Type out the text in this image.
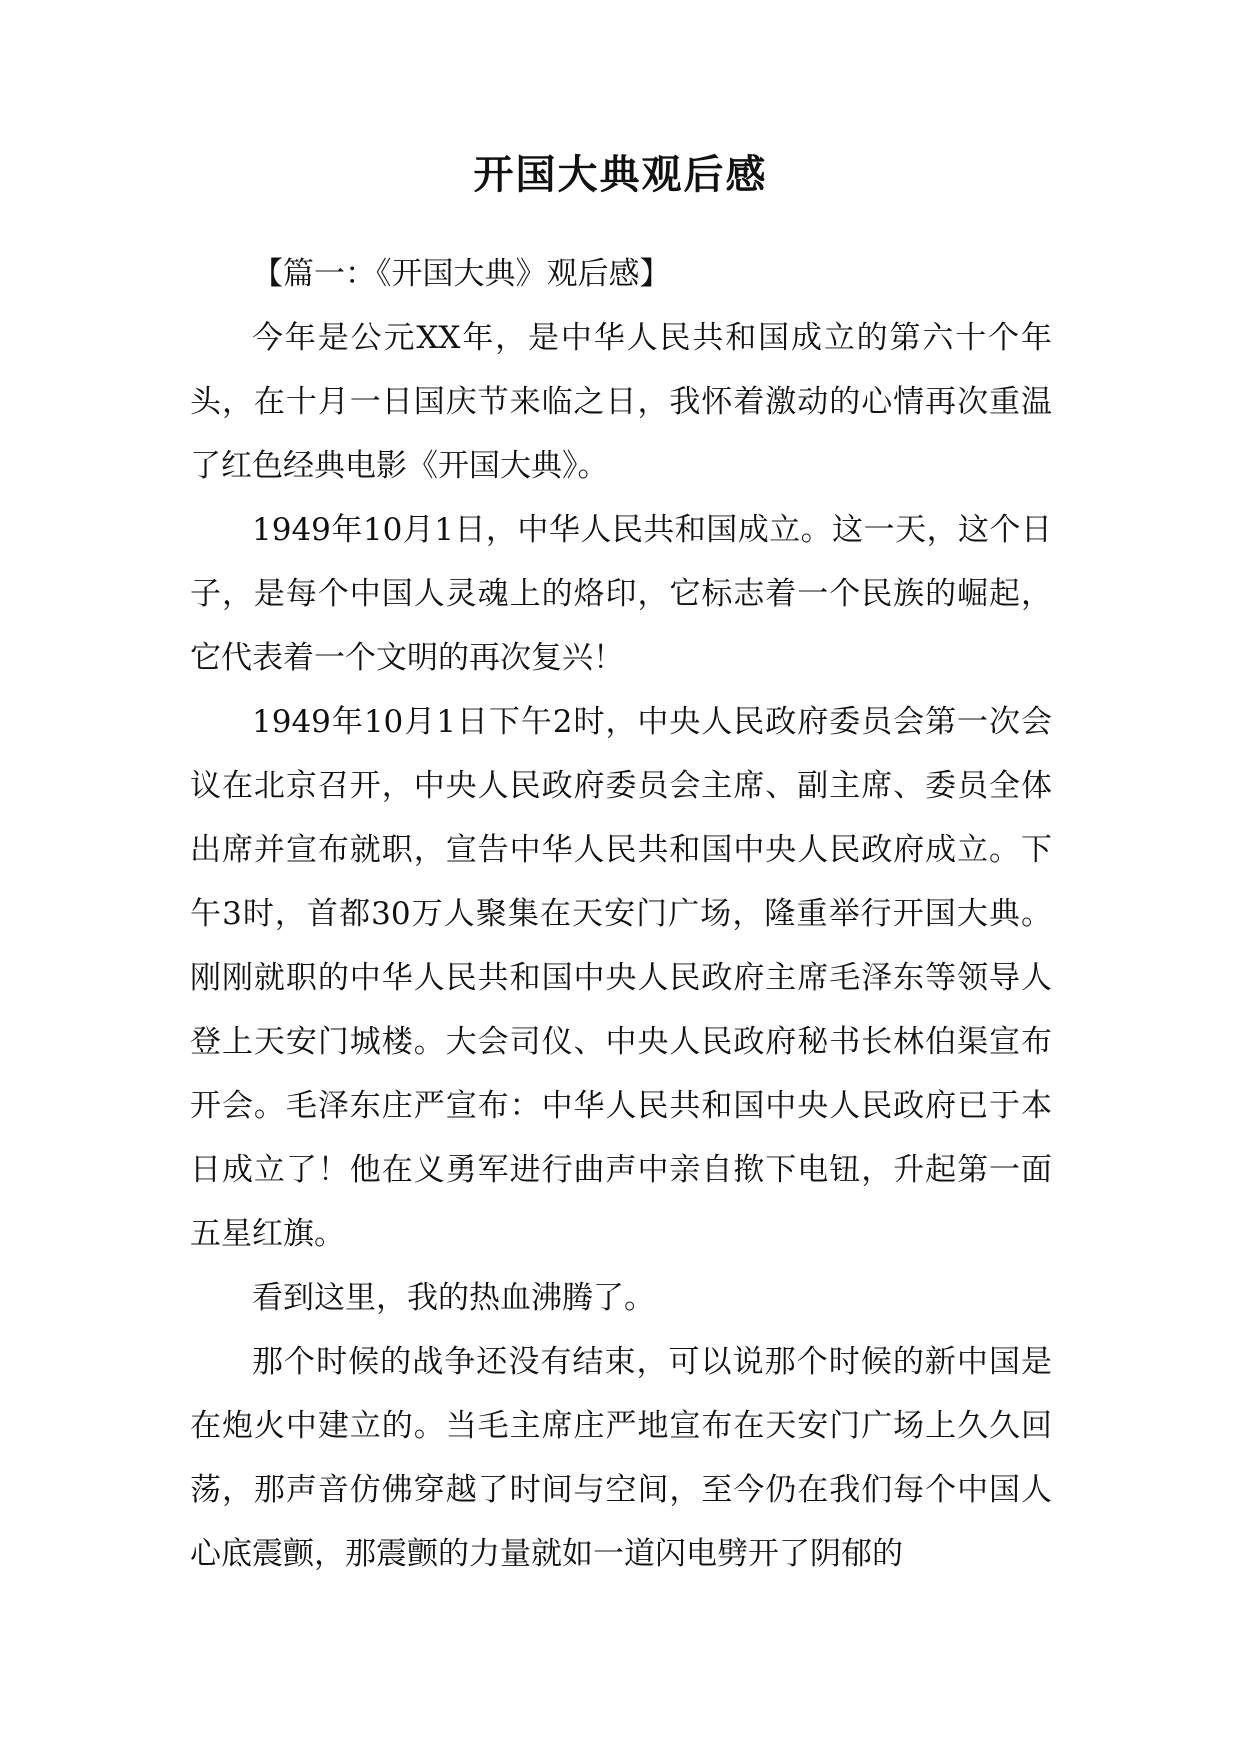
开国大典观后感

【篇一：《开国大典》观后感】

今年是公元XX年，是中华人民共和国成立的第六十个年头，在十月一日国庆节来临之日，我怀着激动的心情再次重温了红色经典电影《开国大典》。

1949年10月1日，中华人民共和国成立。这一天，这个日子，是每个中国人灵魂上的烙印，它标志着一个民族的崛起，它代表着一个文明的再次复兴！

1949年10月1日下午2时，中央人民政府委员会第一次会议在北京召开，中央人民政府委员会主席、副主席、委员全体出席并宣布就职，宣告中华人民共和国中央人民政府成立。下午3时，首都30万人聚集在天安门广场，隆重举行开国大典。刚刚就职的中华人民共和国中央人民政府主席毛泽东等领导人登上天安门城楼。大会司仪、中央人民政府秘书长林伯渠宣布开会。毛泽东庄严宣布：中华人民共和国中央人民政府已于本日成立了！他在义勇军进行曲声中亲自揿下电钮，升起第一面五星红旗。

看到这里，我的热血沸腾了。

那个时候的战争还没有结束，可以说那个时候的新中国是在炮火中建立的。当毛主席庄严地宣布在天安门广场上久久回荡，那声音仿佛穿越了时间与空间，至今仍在我们每个中国人心底震颤，那震颤的力量就如一道闪电劈开了阴郁的
